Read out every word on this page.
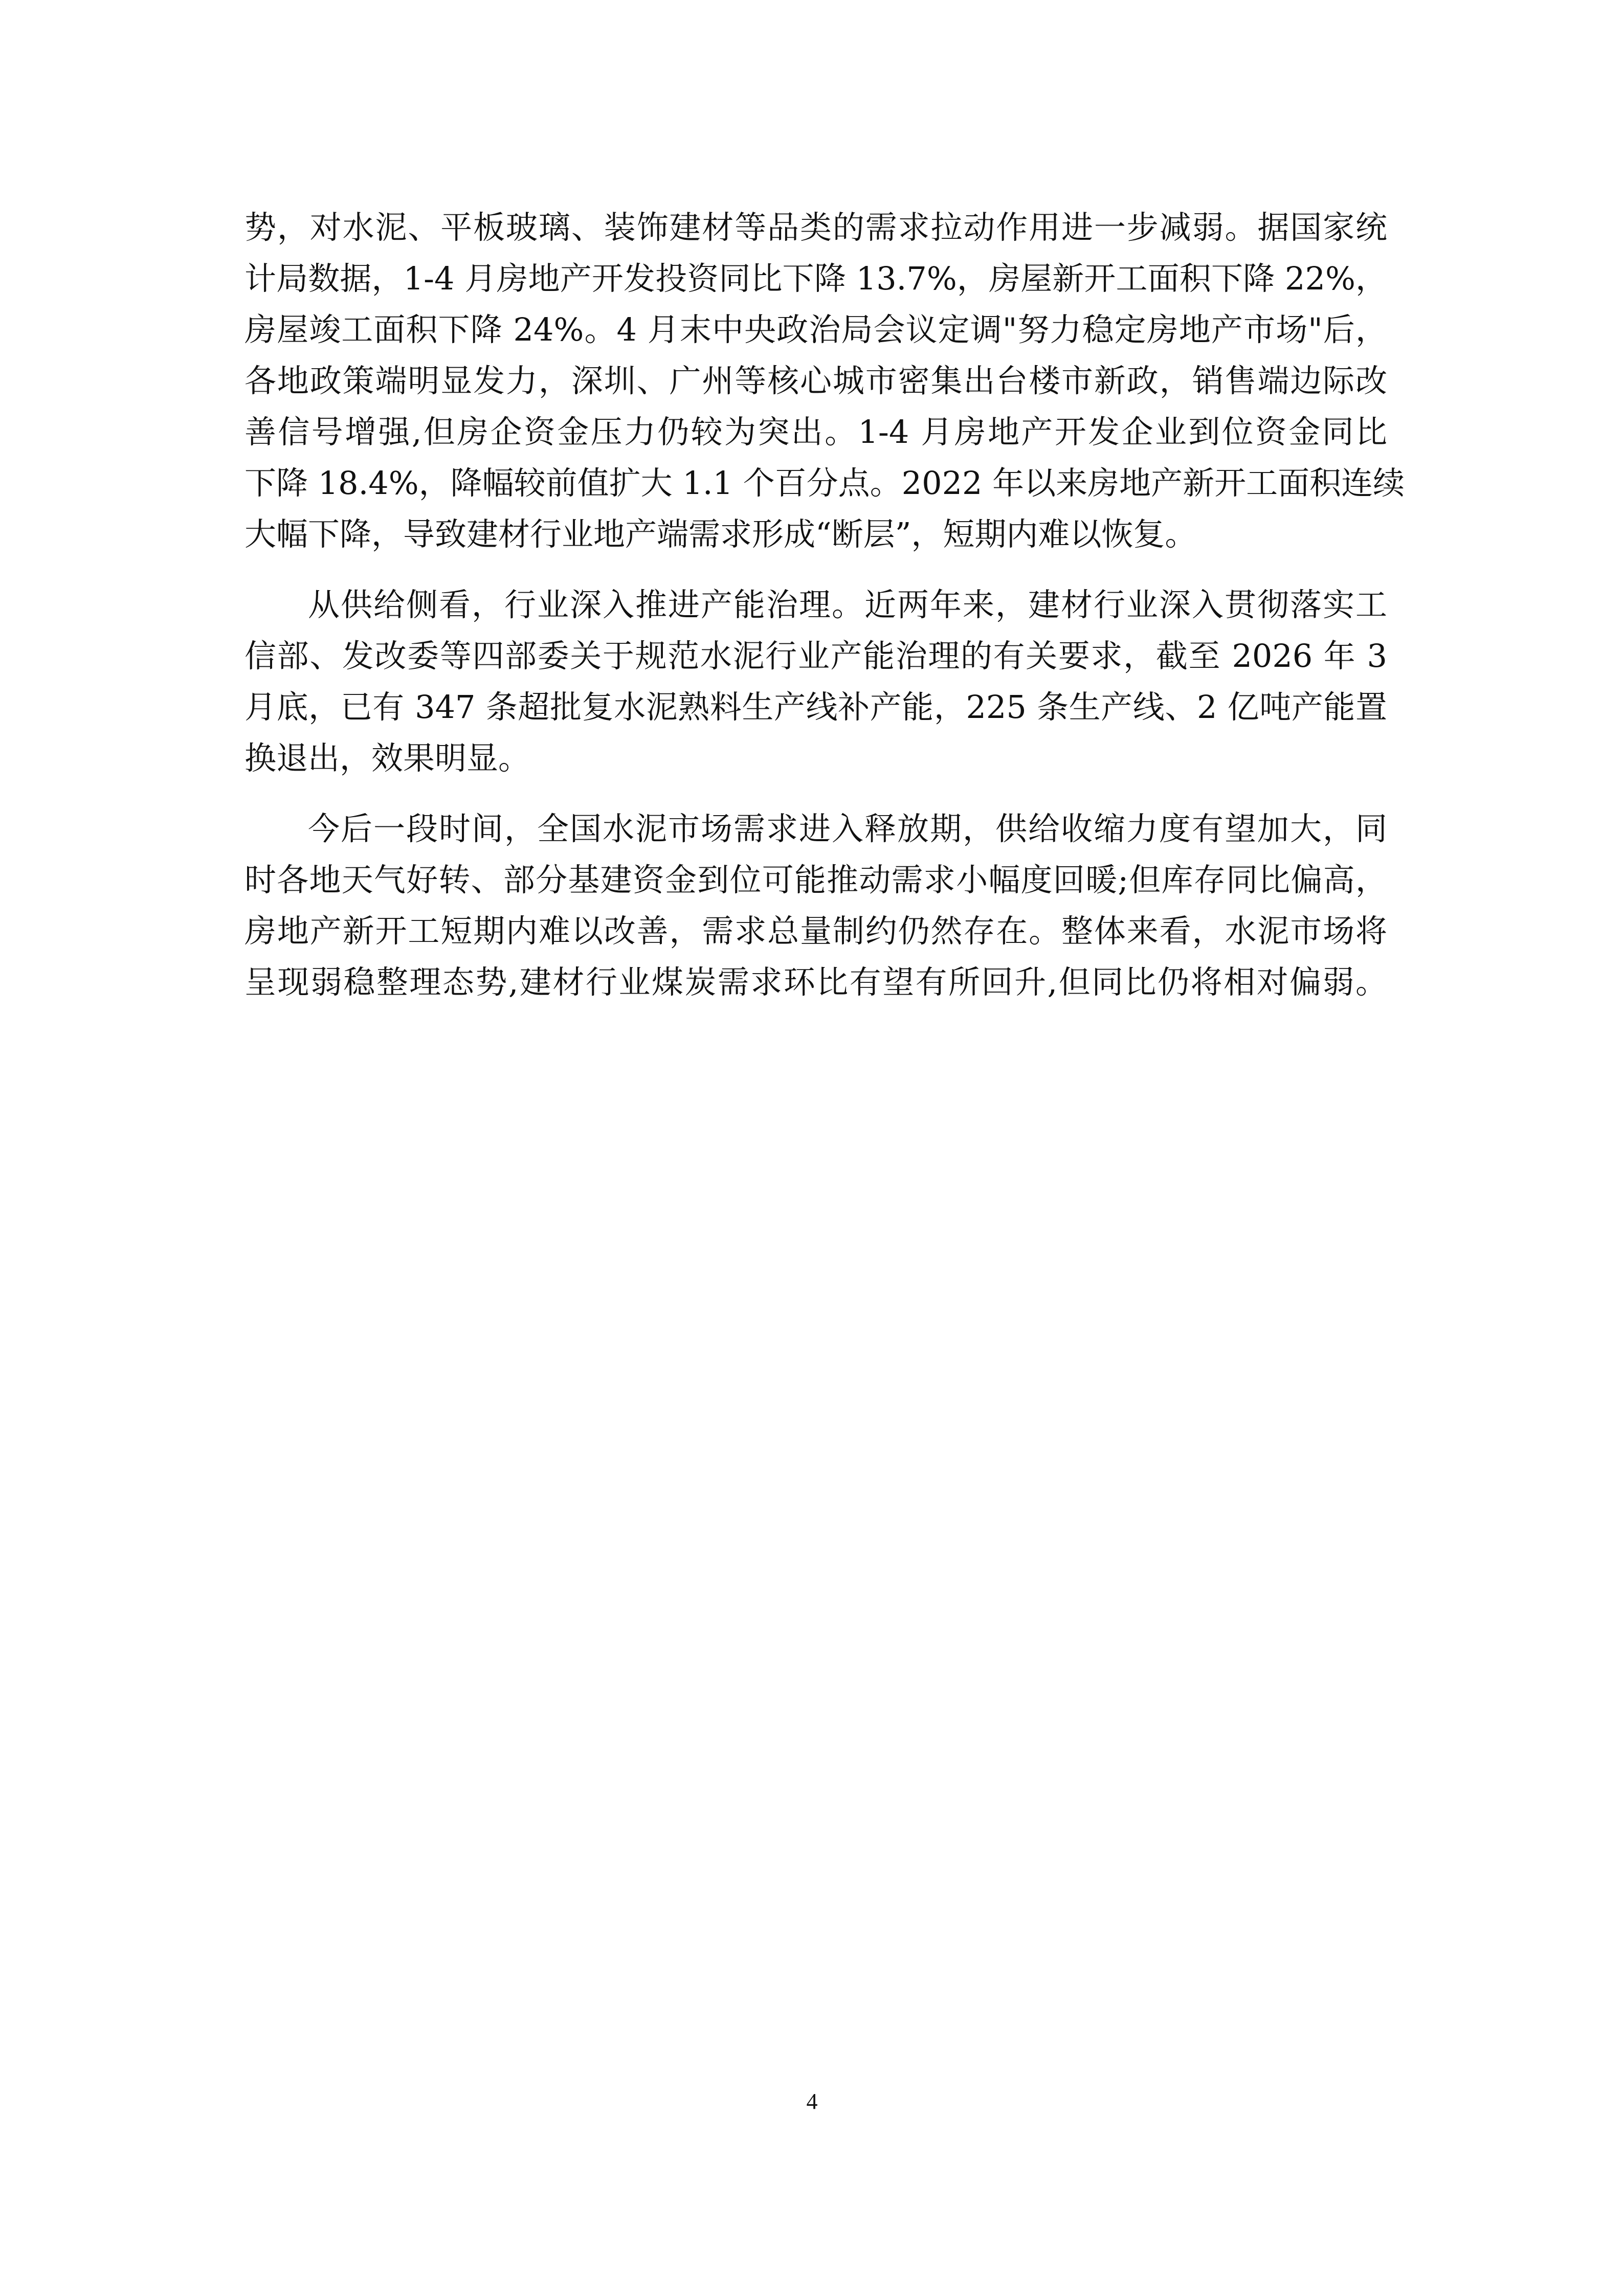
势，对水泥、平板玻璃、装饰建材等品类的需求拉动作用进一步减弱。据国家统
计局数据，1-4 月房地产开发投资同比下降 13.7%，房屋新开工面积下降 22%，
房屋竣工面积下降 24%。4 月末中央政治局会议定调"努力稳定房地产市场"后，
各地政策端明显发力，深圳、广州等核心城市密集出台楼市新政，销售端边际改
善信号增强,但房企资金压力仍较为突出。1-4 月房地产开发企业到位资金同比
下降 18.4%，降幅较前值扩大 1.1 个百分点。2022 年以来房地产新开工面积连续
大幅下降，导致建材行业地产端需求形成“断层”，短期内难以恢复。
从供给侧看，行业深入推进产能治理。近两年来，建材行业深入贯彻落实工
信部、发改委等四部委关于规范水泥行业产能治理的有关要求，截至 2026 年 3
月底，已有 347 条超批复水泥熟料生产线补产能，225 条生产线、2 亿吨产能置
换退出，效果明显。
今后一段时间，全国水泥市场需求进入释放期，供给收缩力度有望加大，同
时各地天气好转、部分基建资金到位可能推动需求小幅度回暖;但库存同比偏高，
房地产新开工短期内难以改善，需求总量制约仍然存在。整体来看，水泥市场将
呈现弱稳整理态势,建材行业煤炭需求环比有望有所回升,但同比仍将相对偏弱。
4
